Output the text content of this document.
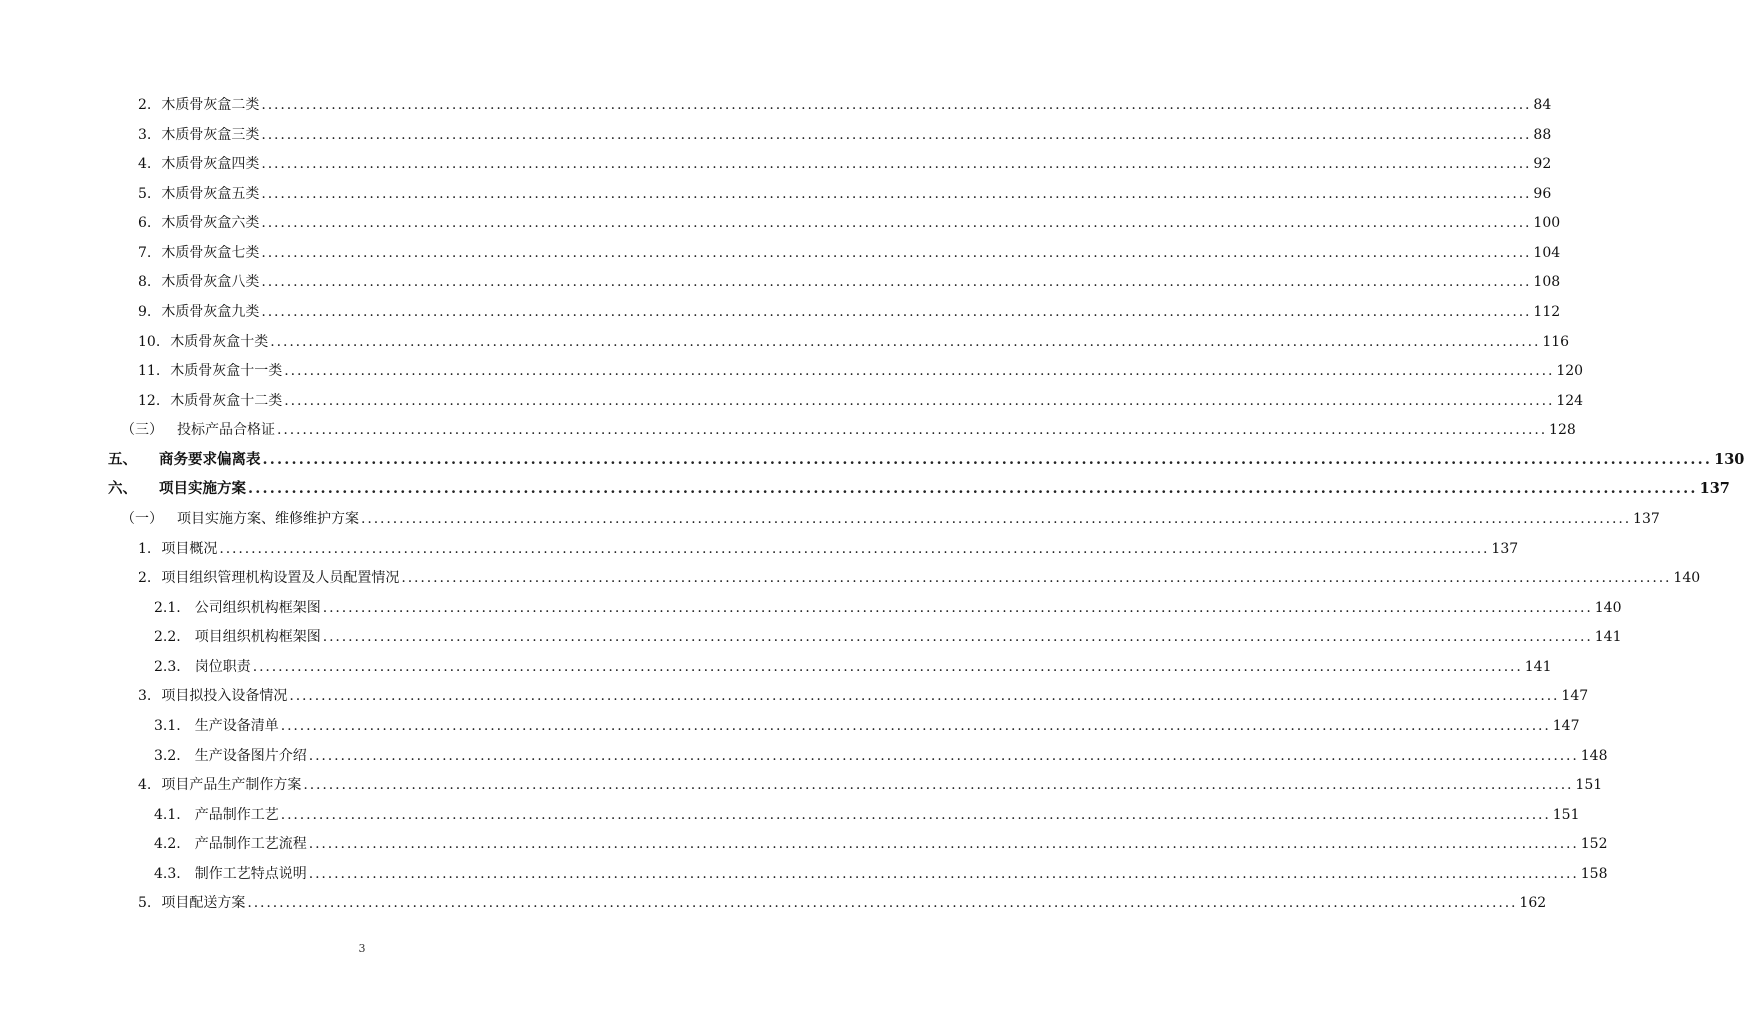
2. 木质骨灰盒二类 ........................................................................................................................................................................................................ 84
3. 木质骨灰盒三类 ........................................................................................................................................................................................................ 88
4. 木质骨灰盒四类 ........................................................................................................................................................................................................ 92
5. 木质骨灰盒五类 ........................................................................................................................................................................................................ 96
6. 木质骨灰盒六类 ........................................................................................................................................................................................................ 100
7. 木质骨灰盒七类 ........................................................................................................................................................................................................ 104
8. 木质骨灰盒八类 ........................................................................................................................................................................................................ 108
9. 木质骨灰盒九类 ........................................................................................................................................................................................................ 112
10. 木质骨灰盒十类 ........................................................................................................................................................................................................ 116
11. 木质骨灰盒十一类 ........................................................................................................................................................................................................ 120
12. 木质骨灰盒十二类 ........................................................................................................................................................................................................ 124
（三） 投标产品合格证 ........................................................................................................................................................................................................ 128
五、 商务要求偏离表 ........................................................................................................................................................................................................ 130
六、 项目实施方案 ........................................................................................................................................................................................................ 137
（一） 项目实施方案、维修维护方案 ........................................................................................................................................................................................................ 137
1. 项目概况 ........................................................................................................................................................................................................ 137
2. 项目组织管理机构设置及人员配置情况 ........................................................................................................................................................................................................ 140
2.1. 公司组织机构框架图 ........................................................................................................................................................................................................ 140
2.2. 项目组织机构框架图 ........................................................................................................................................................................................................ 141
2.3. 岗位职责 ........................................................................................................................................................................................................ 141
3. 项目拟投入设备情况 ........................................................................................................................................................................................................ 147
3.1. 生产设备清单 ........................................................................................................................................................................................................ 147
3.2. 生产设备图片介绍 ........................................................................................................................................................................................................ 148
4. 项目产品生产制作方案 ........................................................................................................................................................................................................ 151
4.1. 产品制作工艺 ........................................................................................................................................................................................................ 151
4.2. 产品制作工艺流程 ........................................................................................................................................................................................................ 152
4.3. 制作工艺特点说明 ........................................................................................................................................................................................................ 158
5. 项目配送方案 ........................................................................................................................................................................................................ 162
3
